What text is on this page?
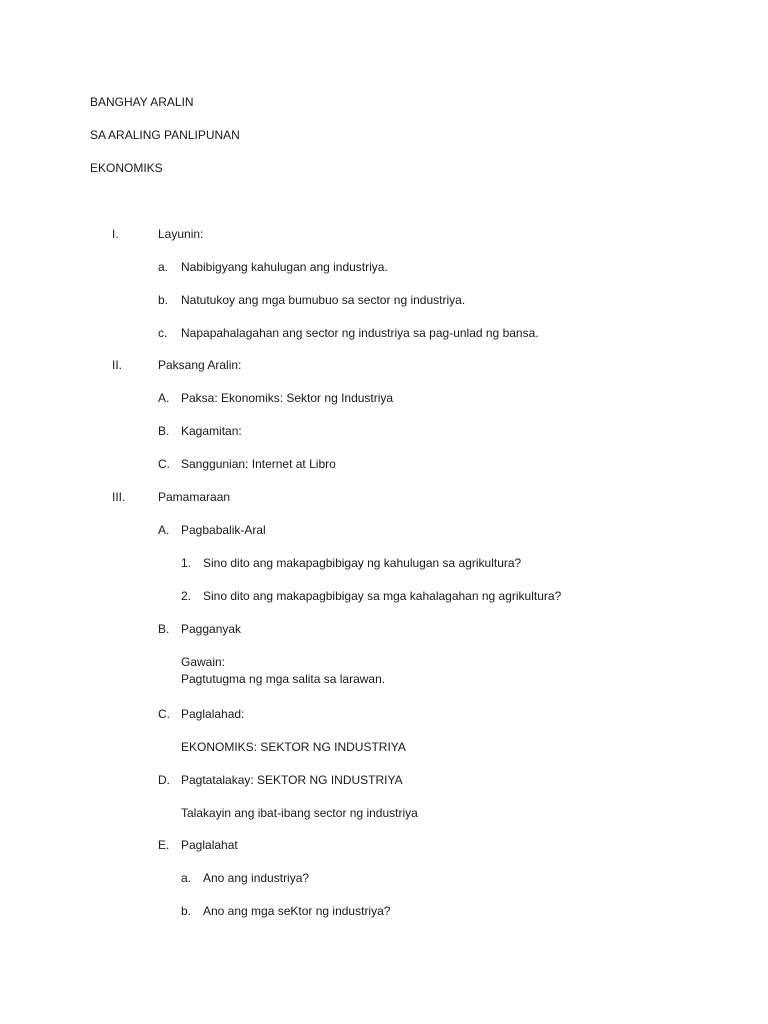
BANGHAY ARALIN
SA ARALING PANLIPUNAN
EKONOMIKS
I.	Layunin:
a. Nabibigyang kahulugan ang industriya.
b. Natutukoy ang mga bumubuo sa sector ng industriya.
c. Napapahalagahan ang sector ng industriya sa pag-unlad ng bansa.
II.	Paksang Aralin:
A. Paksa: Ekonomiks: Sektor ng Industriya
B. Kagamitan:
C. Sanggunian: Internet at Libro
III.	Pamamaraan
A. Pagbabalik-Aral
1. Sino dito ang makapagbibigay ng kahulugan sa agrikultura?
2. Sino dito ang makapagbibigay sa mga kahalagahan ng agrikultura?
B. Pagganyak
Gawain:
Pagtutugma ng mga salita sa larawan.
C. Paglalahad:
EKONOMIKS: SEKTOR NG INDUSTRIYA
D. Pagtatalakay: SEKTOR NG INDUSTRIYA
Talakayin ang ibat-ibang sector ng industriya
E. Paglalahat
a. Ano ang industriya?
b. Ano ang mga seKtor ng industriya?
